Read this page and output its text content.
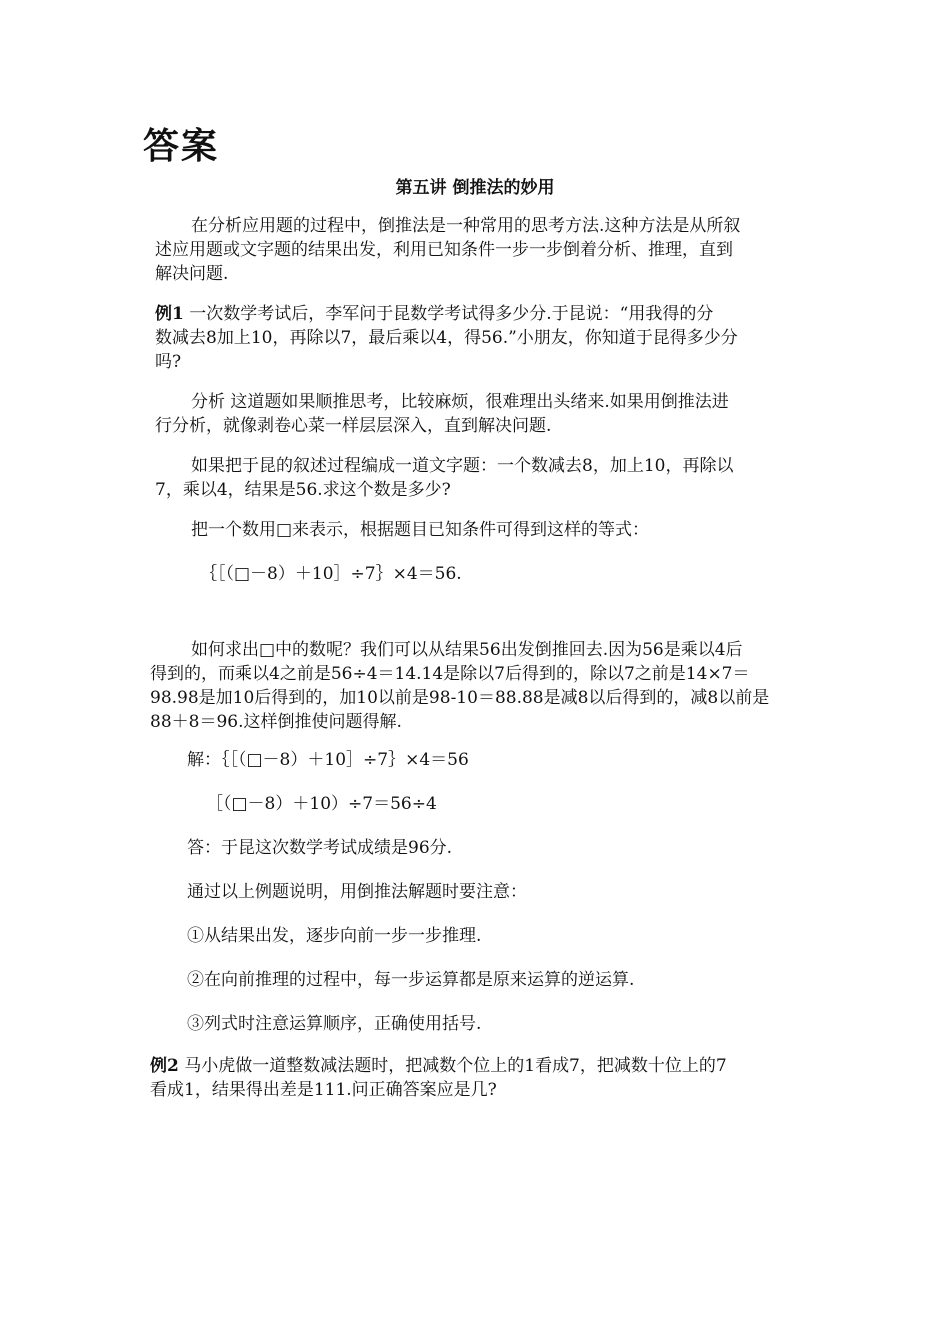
答案
第五讲 倒推法的妙用
在分析应用题的过程中，倒推法是一种常用的思考方法.这种方法是从所叙
述应用题或文字题的结果出发，利用已知条件一步一步倒着分析、推理，直到
解决问题.
例1 一次数学考试后，李军问于昆数学考试得多少分.于昆说：“用我得的分
数减去8加上10，再除以7，最后乘以4，得56.”小朋友，你知道于昆得多少分
吗?
分析 这道题如果顺推思考，比较麻烦，很难理出头绪来.如果用倒推法进
行分析，就像剥卷心菜一样层层深入，直到解决问题.
如果把于昆的叙述过程编成一道文字题：一个数减去8，加上10，再除以
7，乘以4，结果是56.求这个数是多少?
把一个数用□来表示，根据题目已知条件可得到这样的等式：
｛［（□－8）＋10］÷7｝×4＝56.
如何求出□中的数呢？我们可以从结果56出发倒推回去.因为56是乘以4后
得到的，而乘以4之前是56÷4＝14.14是除以7后得到的，除以7之前是14×7＝
98.98是加10后得到的，加10以前是98-10＝88.88是减8以后得到的，减8以前是
88＋8＝96.这样倒推使问题得解.
解：｛［（□－8）＋10］÷7｝×4＝56
［（□－8）＋10）÷7＝56÷4
答：于昆这次数学考试成绩是96分.
通过以上例题说明，用倒推法解题时要注意：
①从结果出发，逐步向前一步一步推理.
②在向前推理的过程中，每一步运算都是原来运算的逆运算.
③列式时注意运算顺序，正确使用括号.
例2 马小虎做一道整数减法题时，把减数个位上的1看成7，把减数十位上的7
看成1，结果得出差是111.问正确答案应是几?
